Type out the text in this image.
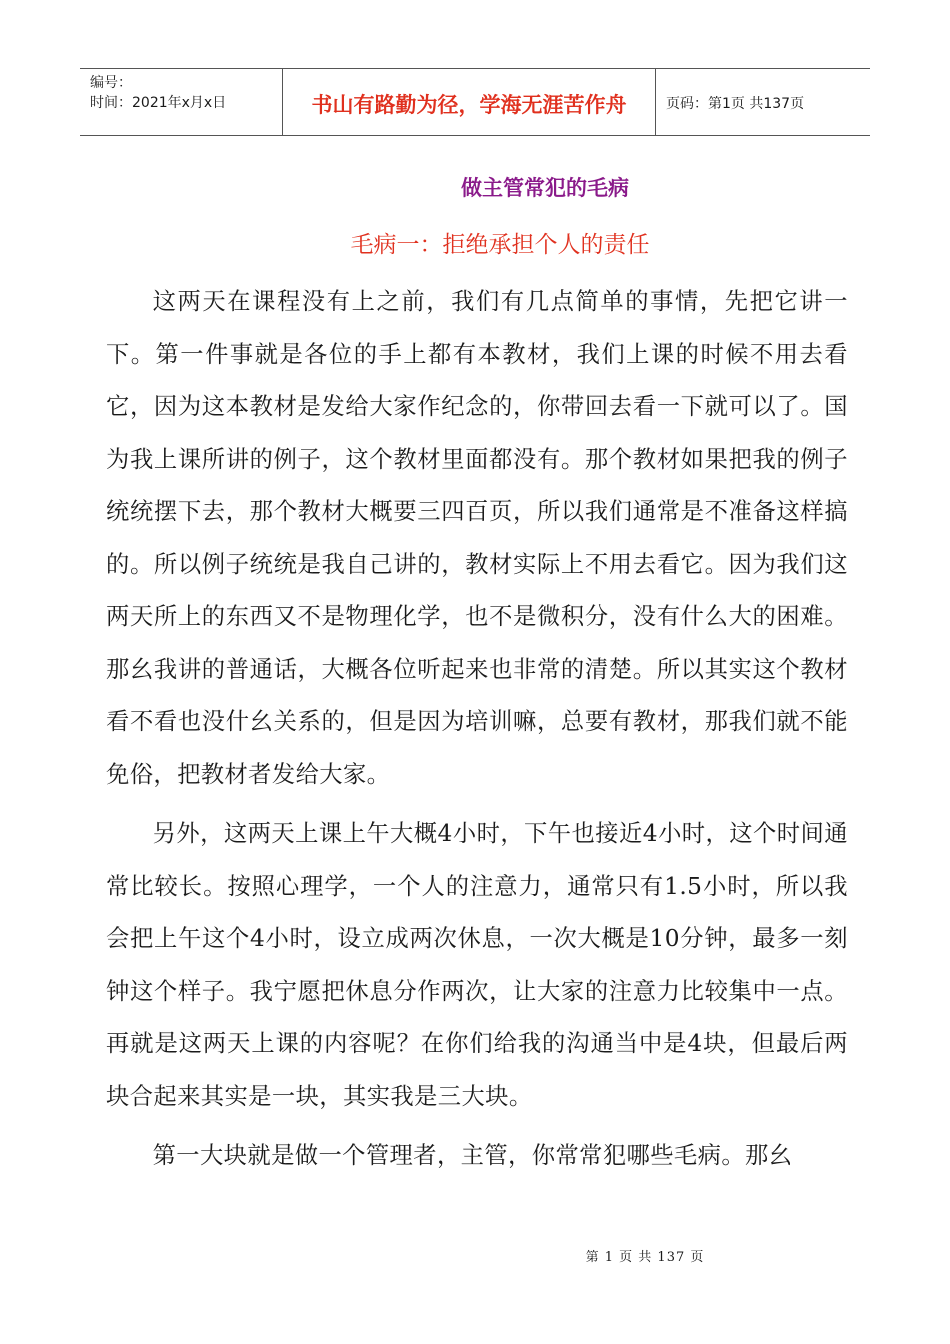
编号：
时间：2021年x月x日	书山有路勤为径，学海无涯苦作舟	页码：第1页 共137页
做主管常犯的毛病
毛病一：拒绝承担个人的责任

这两天在课程没有上之前，我们有几点简单的事情，先把它讲一下。第一件事就是各位的手上都有本教材，我们上课的时候不用去看它，因为这本教材是发给大家作纪念的，你带回去看一下就可以了。国为我上课所讲的例子，这个教材里面都没有。那个教材如果把我的例子统统摆下去，那个教材大概要三四百页，所以我们通常是不准备这样搞的。所以例子统统是我自己讲的，教材实际上不用去看它。因为我们这两天所上的东西又不是物理化学，也不是微积分，没有什么大的困难。那幺我讲的普通话，大概各位听起来也非常的清楚。所以其实这个教材看不看也没什幺关系的，但是因为培训嘛，总要有教材，那我们就不能免俗，把教材者发给大家。

另外，这两天上课上午大概4小时，下午也接近4小时，这个时间通常比较长。按照心理学，一个人的注意力，通常只有1.5小时，所以我会把上午这个4小时，设立成两次休息，一次大概是10分钟，最多一刻钟这个样子。我宁愿把休息分作两次，让大家的注意力比较集中一点。再就是这两天上课的内容呢？在你们给我的沟通当中是4块，但最后两块合起来其实是一块，其实我是三大块。

第一大块就是做一个管理者，主管，你常常犯哪些毛病。那幺

第 1 页 共 137 页
